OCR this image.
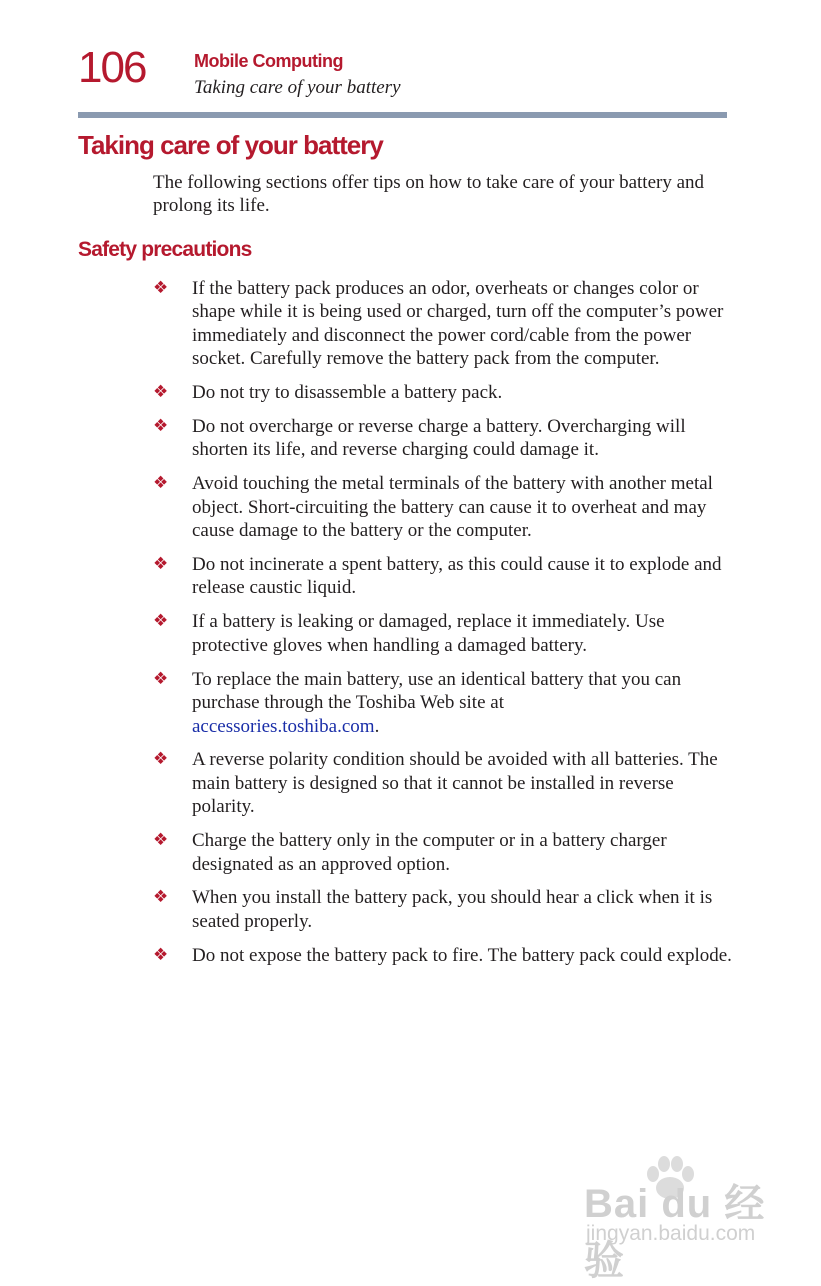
106	Mobile Computing
Taking care of your battery
Taking care of your battery

The following sections offer tips on how to take care of your battery and prolong its life.

Safety precautions
❖ If the battery pack produces an odor, overheats or changes color or shape while it is being used or charged, turn off the computer’s power immediately and disconnect the power cord/cable from the power socket. Carefully remove the battery pack from the computer.
❖ Do not try to disassemble a battery pack.
❖ Do not overcharge or reverse charge a battery. Overcharging will shorten its life, and reverse charging could damage it.
❖ Avoid touching the metal terminals of the battery with another metal object. Short-circuiting the battery can cause it to overheat and may cause damage to the battery or the computer.
❖ Do not incinerate a spent battery, as this could cause it to explode and release caustic liquid.
❖ If a battery is leaking or damaged, replace it immediately. Use protective gloves when handling a damaged battery.
❖ To replace the main battery, use an identical battery that you can purchase through the Toshiba Web site at
accessories.toshiba.com.
❖ A reverse polarity condition should be avoided with all batteries. The main battery is designed so that it cannot be installed in reverse polarity.
❖ Charge the battery only in the computer or in a battery charger designated as an approved option.
❖ When you install the battery pack, you should hear a click when it is seated properly.
❖ Do not expose the battery pack to fire. The battery pack could explode.
Bai du 经验
jingyan.baidu.com
